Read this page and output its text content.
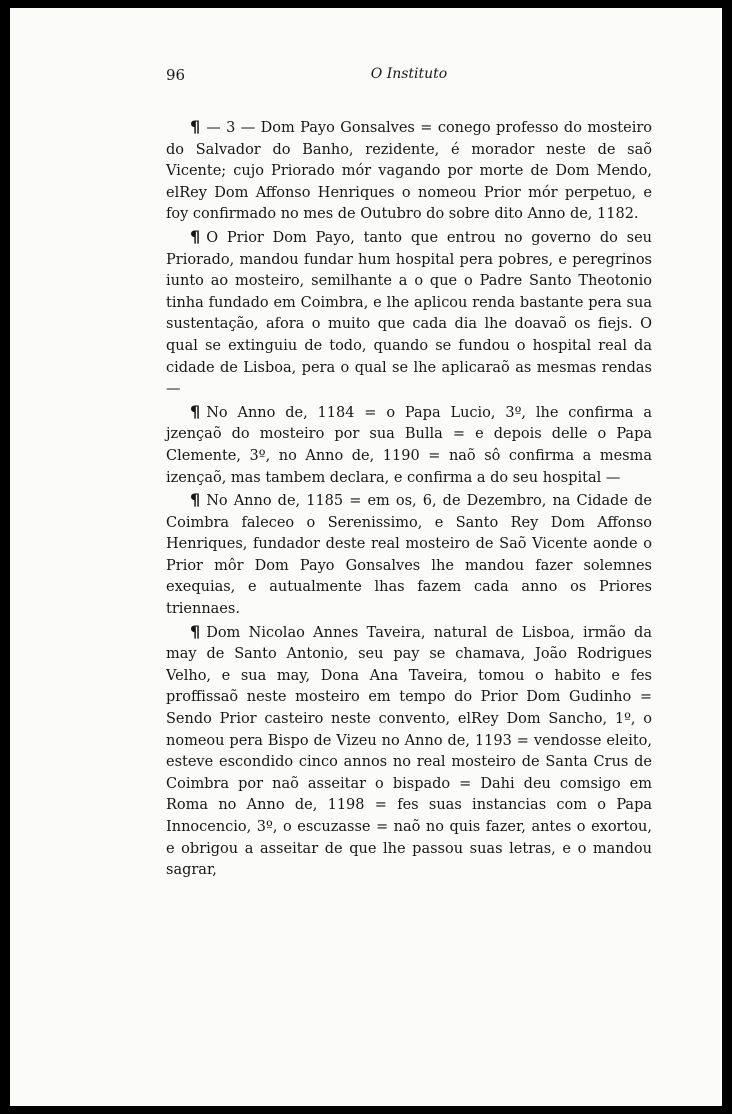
96	O Instituto

¶ — 3 — Dom Payo Gonsalves = conego professo do mosteiro do Salvador do Banho, rezidente, é morador neste de saõ Vicente; cujo Priorado mór vagando por morte de Dom Mendo, elRey Dom Affonso Henriques o nomeou Prior mór perpetuo, e foy confirmado no mes de Outubro do sobre dito Anno de, 1182.

¶ O Prior Dom Payo, tanto que entrou no governo do seu Priorado, mandou fundar hum hospital pera pobres, e peregrinos iunto ao mosteiro, semilhante a o que o Padre Santo Theotonio tinha fundado em Coimbra, e lhe aplicou renda bastante pera sua sustentação, afora o muito que cada dia lhe doavaõ os fiejs. O qual se extinguiu de todo, quando se fundou o hospital real da cidade de Lisboa, pera o qual se lhe aplicaraõ as mesmas rendas —

¶ No Anno de, 1184 = o Papa Lucio, 3º, lhe confirma a jzençaõ do mosteiro por sua Bulla = e depois delle o Papa Clemente, 3º, no Anno de, 1190 = naõ sô confirma a mesma izençaõ, mas tambem declara, e confirma a do seu hospital —

¶ No Anno de, 1185 = em os, 6, de Dezembro, na Cidade de Coimbra faleceo o Serenissimo, e Santo Rey Dom Affonso Henriques, fundador deste real mosteiro de Saõ Vicente aonde o Prior môr Dom Payo Gonsalves lhe mandou fazer solemnes exequias, e autualmente lhas fazem cada anno os Priores triennaes.

¶ Dom Nicolao Annes Taveira, natural de Lisboa, irmão da may de Santo Antonio, seu pay se chamava, João Rodrigues Velho, e sua may, Dona Ana Taveira, tomou o habito e fes proffissaõ neste mosteiro em tempo do Prior Dom Gudinho = Sendo Prior casteiro neste convento, elRey Dom Sancho, 1º, o nomeou pera Bispo de Vizeu no Anno de, 1193 = vendosse eleito, esteve escondido cinco annos no real mosteiro de Santa Crus de Coimbra por naõ asseitar o bispado = Dahi deu comsigo em Roma no Anno de, 1198 = fes suas instancias com o Papa Innocencio, 3º, o escuzasse = naõ no quis fazer, antes o exortou, e obrigou a asseitar de que lhe passou suas letras, e o mandou sagrar,
